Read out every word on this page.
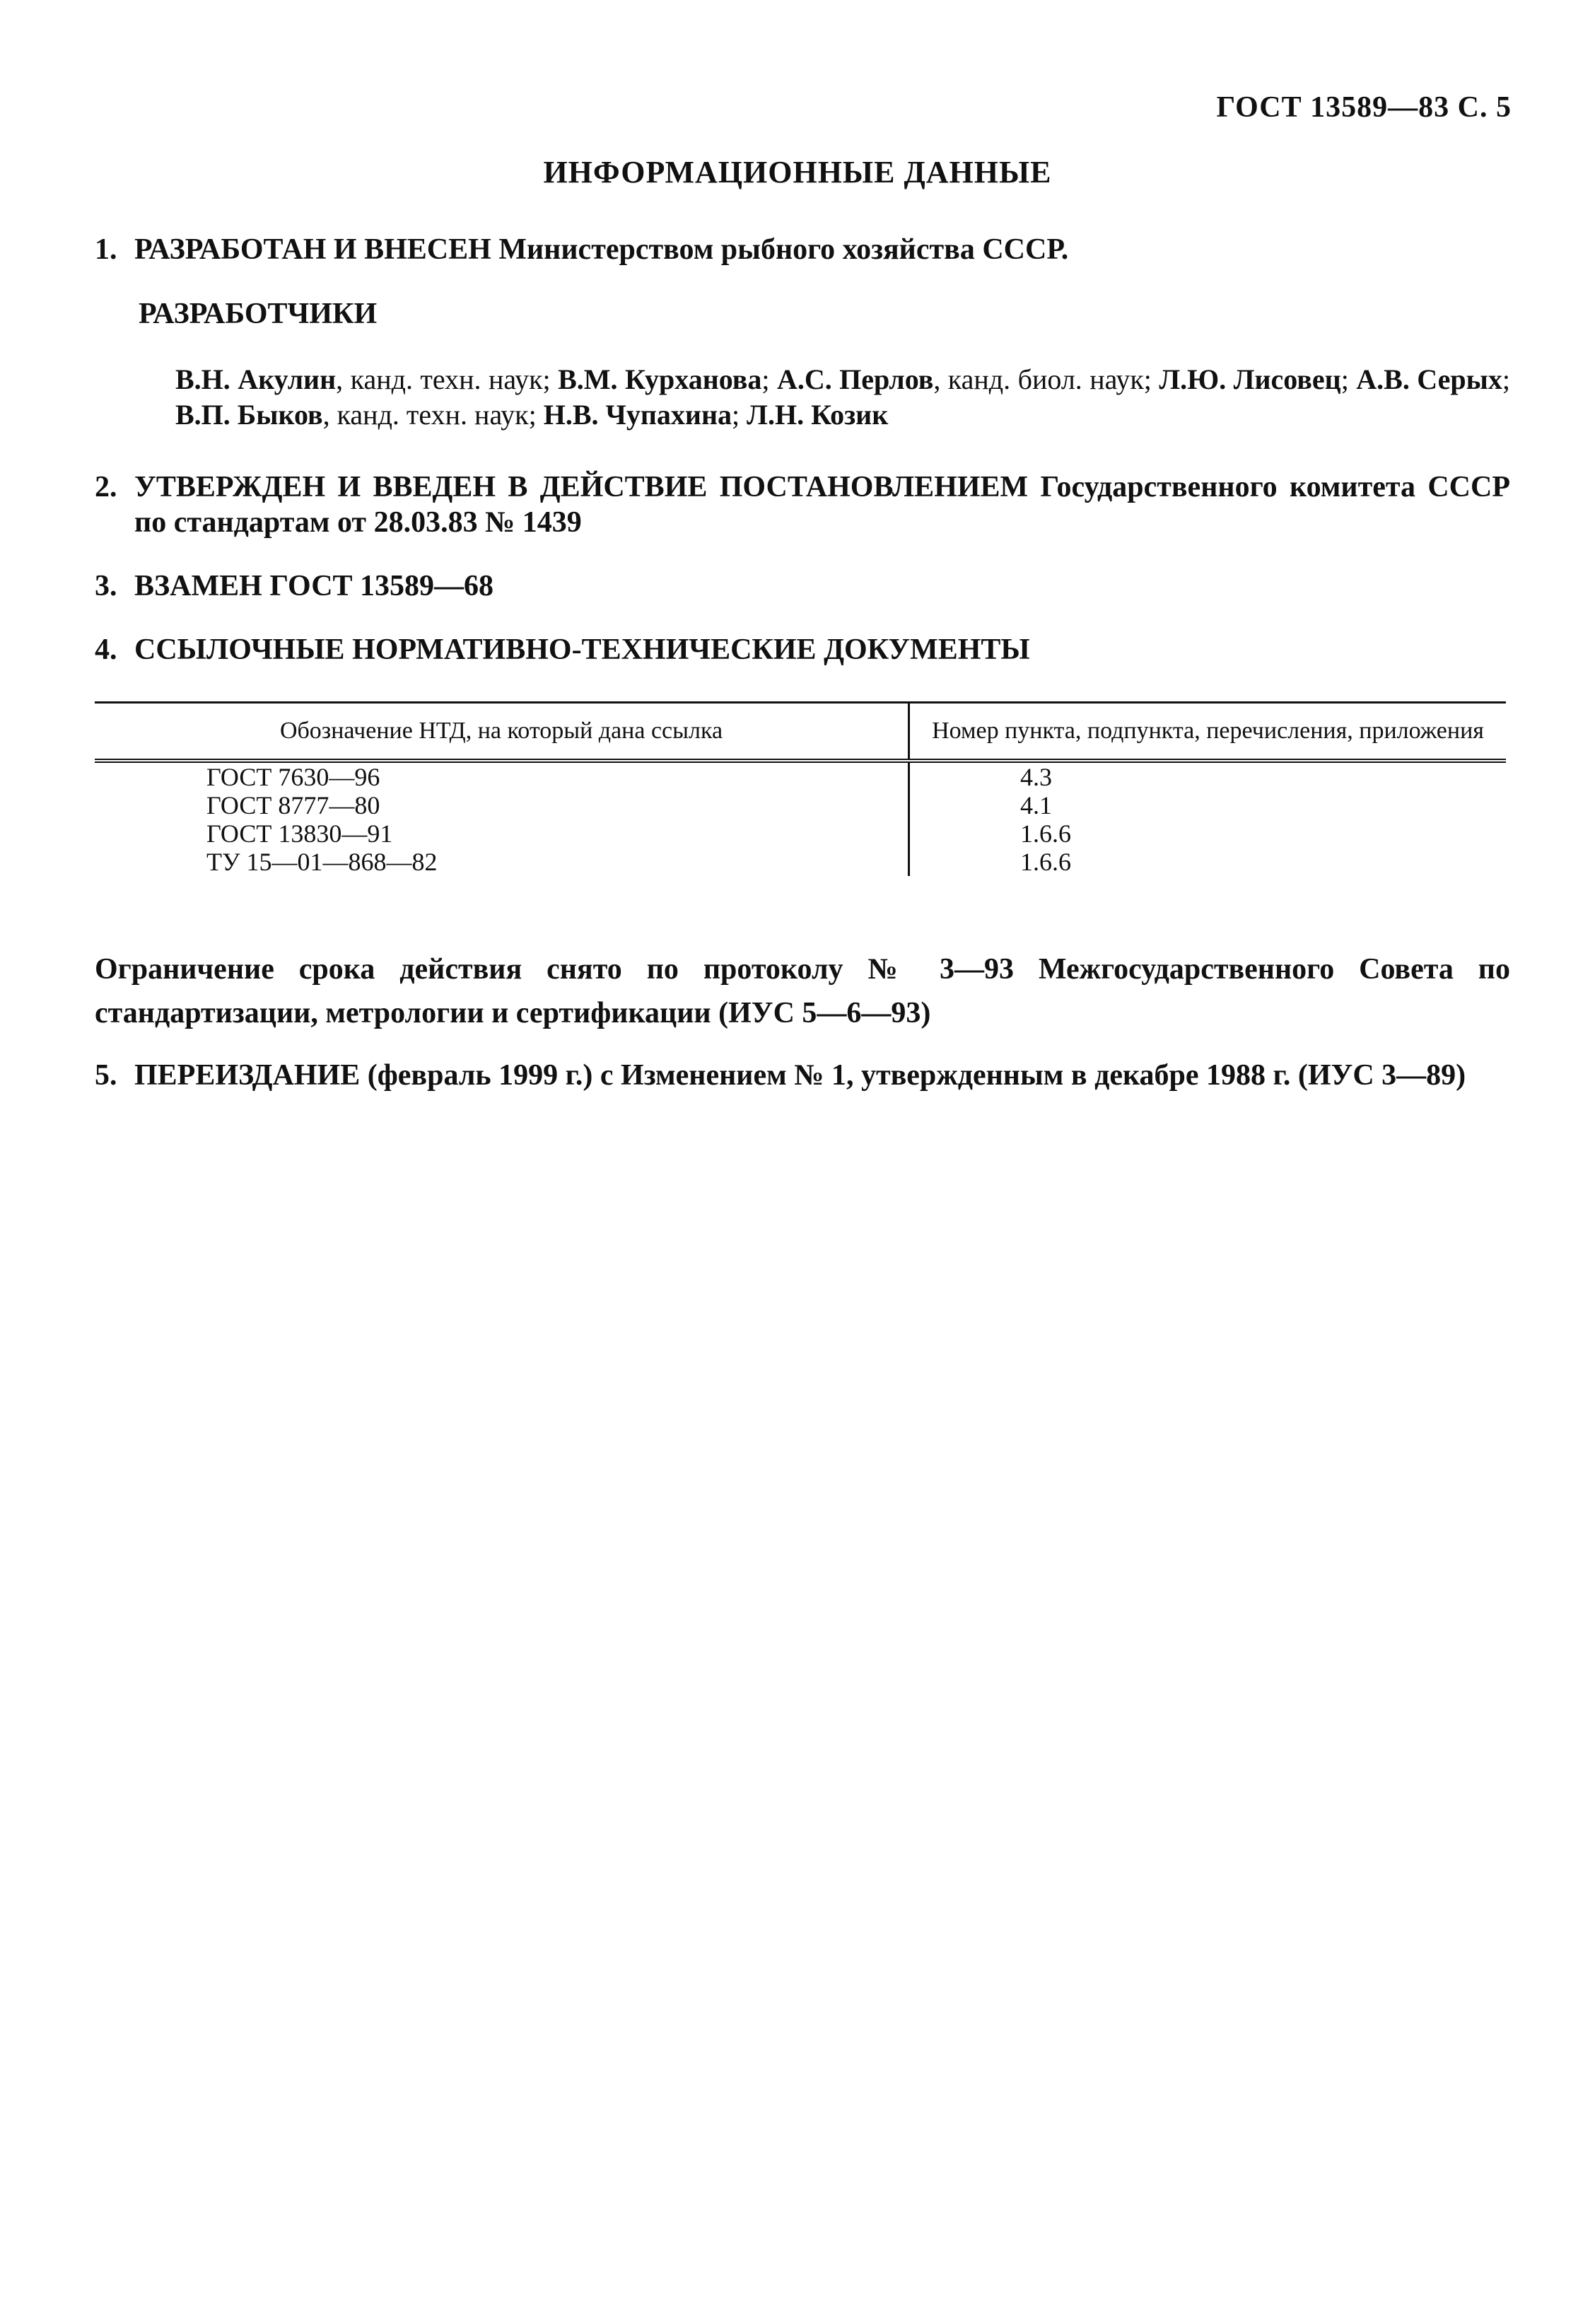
ГОСТ 13589—83 С. 5
ИНФОРМАЦИОННЫЕ ДАННЫЕ
1. РАЗРАБОТАН И ВНЕСЕН Министерством рыбного хозяйства СССР.
РАЗРАБОТЧИКИ
В.Н. Акулин, канд. техн. наук; В.М. Курханова; А.С. Перлов, канд. биол. наук; Л.Ю. Лисовец; А.В. Серых; В.П. Быков, канд. техн. наук; Н.В. Чупахина; Л.Н. Козик
2. УТВЕРЖДЕН И ВВЕДЕН В ДЕЙСТВИЕ ПОСТАНОВЛЕНИЕМ Государственного комитета СССР по стандартам от 28.03.83 № 1439
3. ВЗАМЕН ГОСТ 13589—68
4. ССЫЛОЧНЫЕ НОРМАТИВНО-ТЕХНИЧЕСКИЕ ДОКУМЕНТЫ
Обозначение НТД, на который дана ссылка	Номер пункта, подпункта, перечисления, приложения
ГОСТ 7630—96	4.3
ГОСТ 8777—80	4.1
ГОСТ 13830—91	1.6.6
ТУ 15—01—868—82	1.6.6
Ограничение срока действия снято по протоколу № 3—93 Межгосударственного Совета по стандартизации, метрологии и сертификации (ИУС 5—6—93)
5. ПЕРЕИЗДАНИЕ (февраль 1999 г.) с Изменением № 1, утвержденным в декабре 1988 г. (ИУС 3—89)
